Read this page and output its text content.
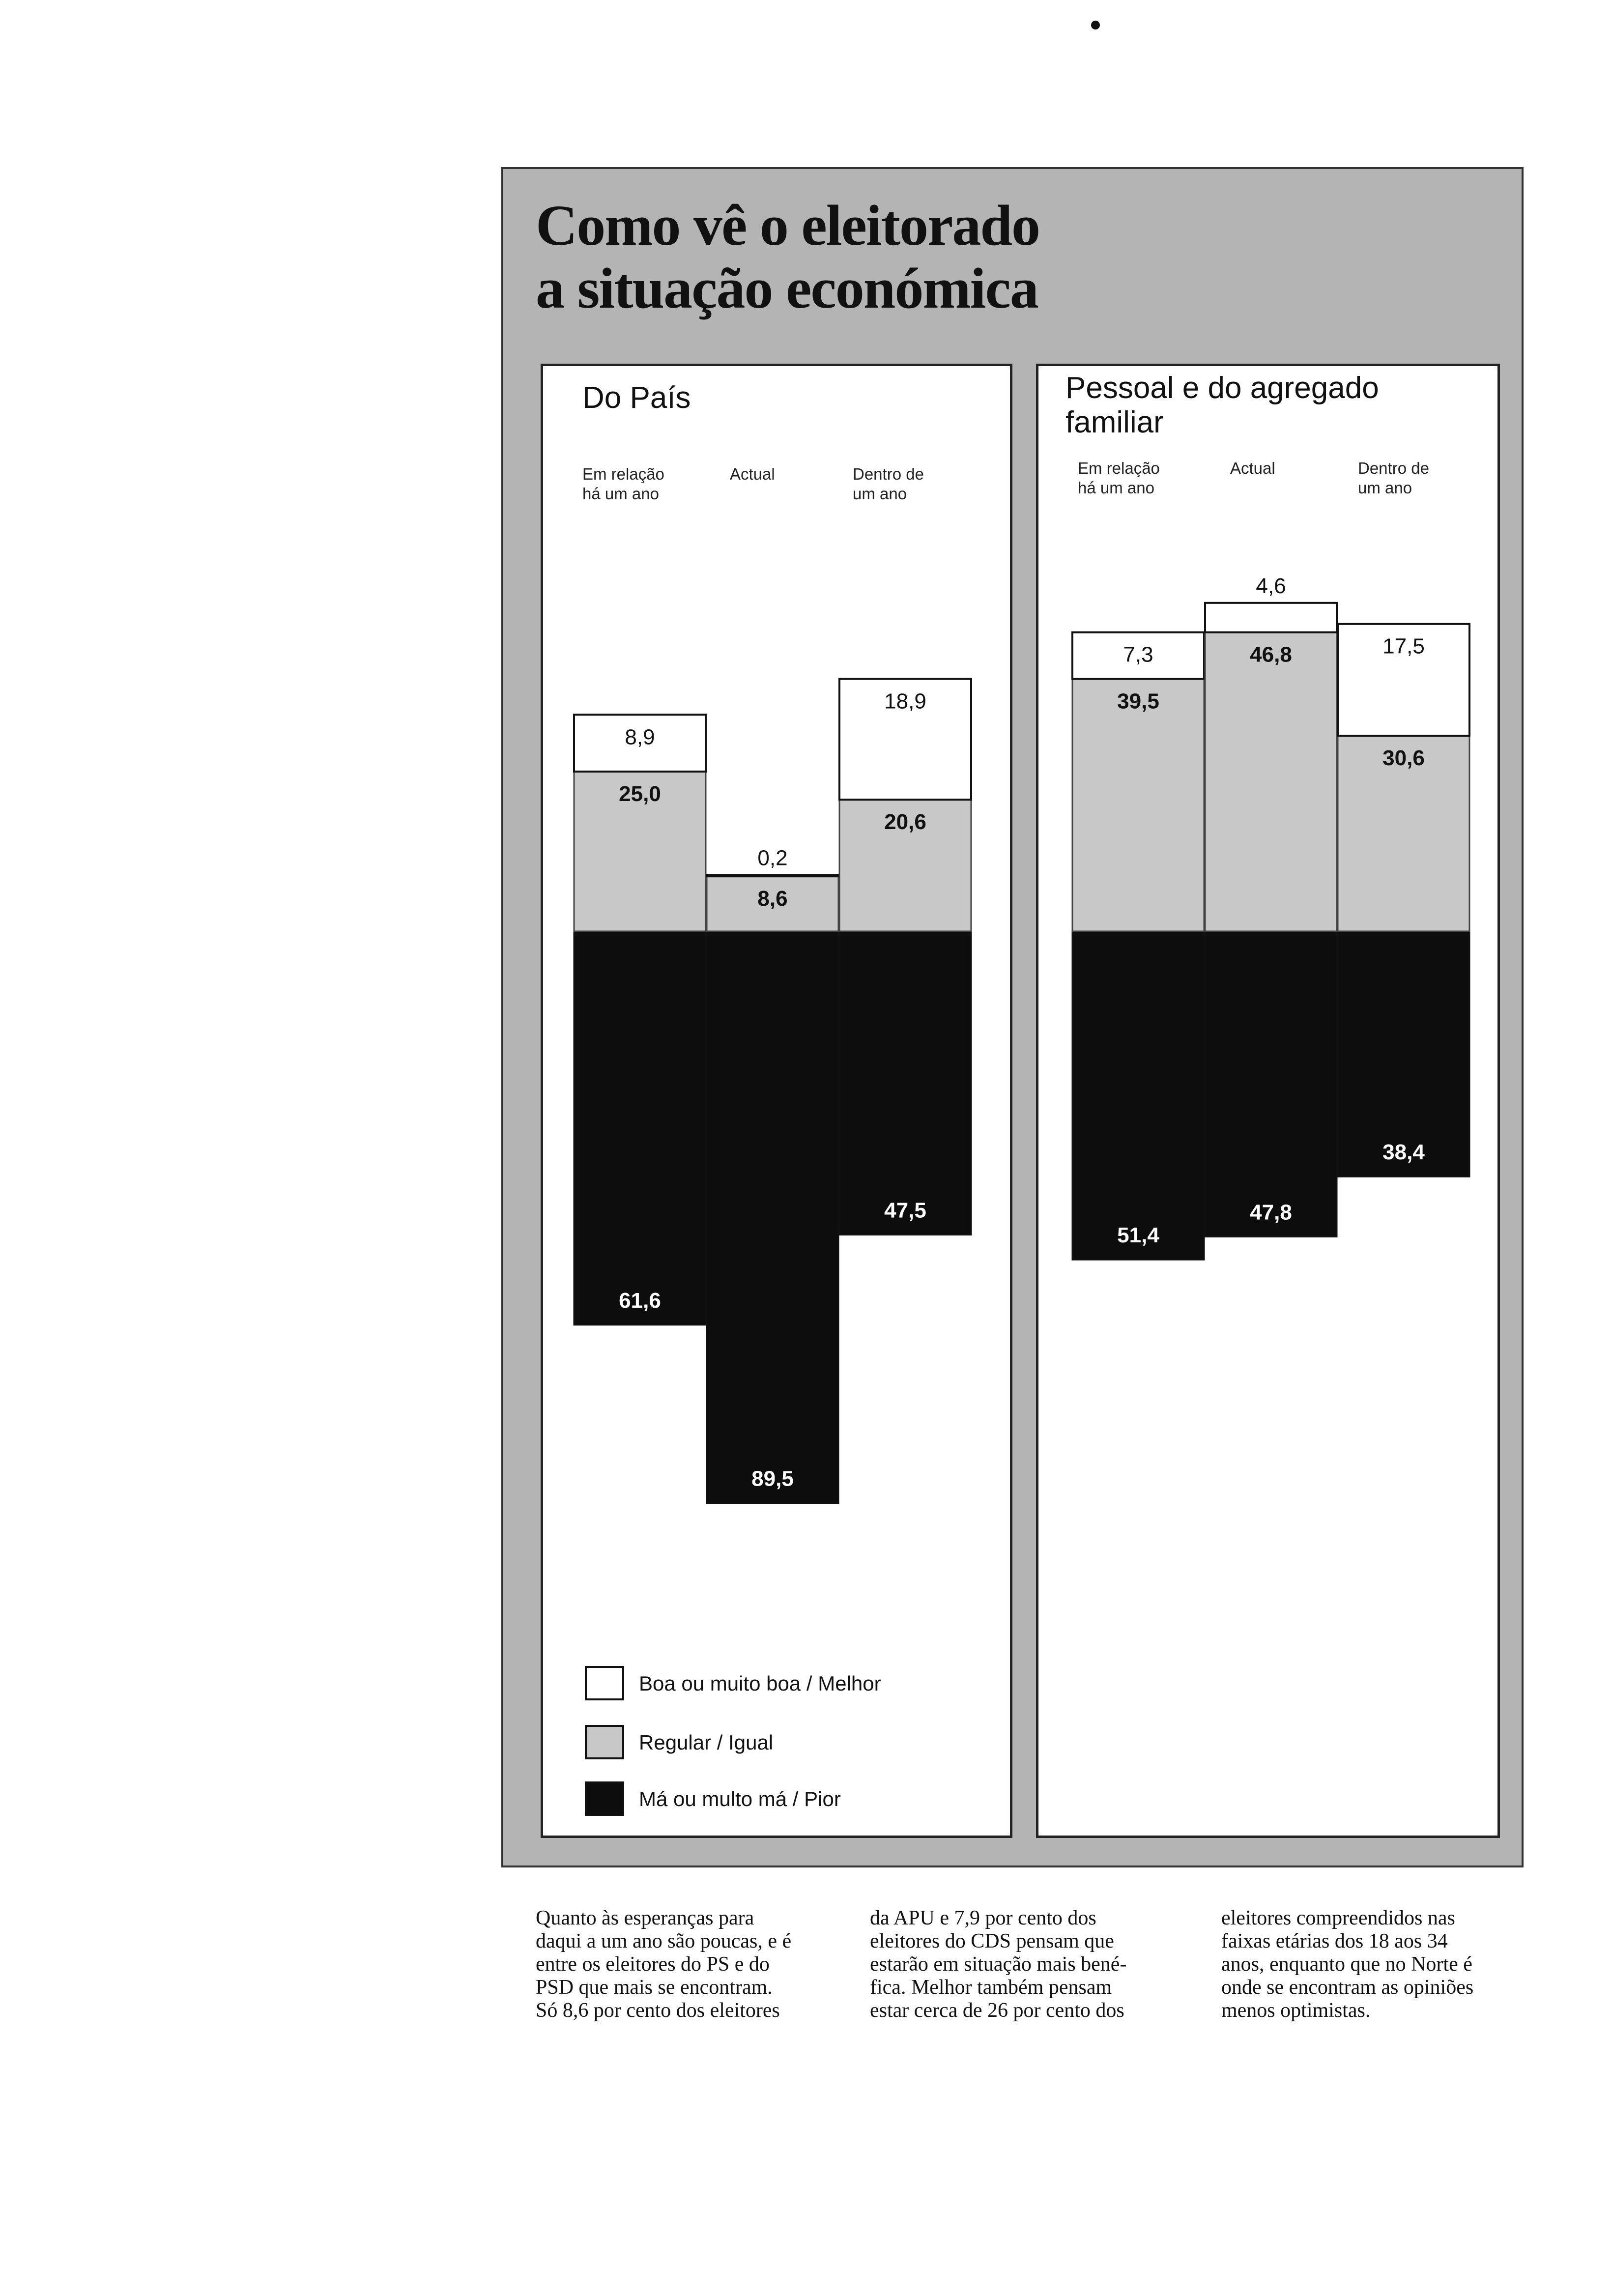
Como vê o eleitorado
a situação económica
Do País
Em relação
há um ano
Actual	Dentro de
um ano
Pessoal e do agregado
familiar
Em relação
há um ano
Actual	Dentro de
um ano
8,9
25,0
61,6
0,2
8,6
89,5
18,9
20,6
47,5
7,3
39,5
51,4
4,6
46,8
47,8
17,5
30,6
38,4
Boa ou muito boa / Melhor
Regular / Igual
Má ou multo má / Pior
Quanto às esperanças para
daqui a um ano são poucas, e é
entre os eleitores do PS e do
PSD que mais se encontram.
Só 8,6 por cento dos eleitores
da APU e 7,9 por cento dos
eleitores do CDS pensam que
estarão em situação mais bené-
fica. Melhor também pensam
estar cerca de 26 por cento dos
eleitores compreendidos nas
faixas etárias dos 18 aos 34
anos, enquanto que no Norte é
onde se encontram as opiniões
menos optimistas.
